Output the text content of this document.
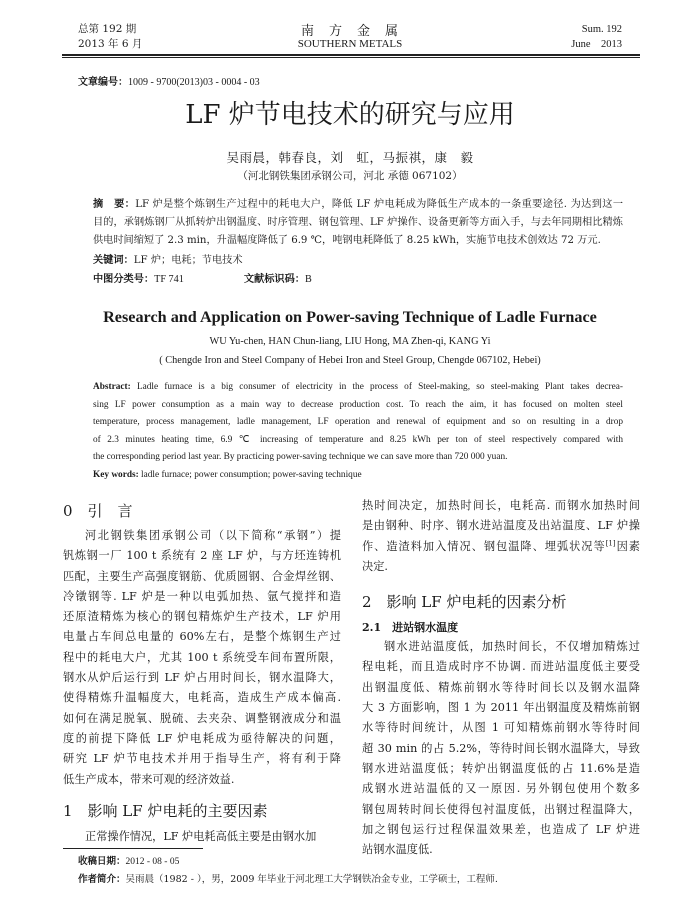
总第 192 期
2013 年 6 月
南　方　金　属
SOUTHERN METALS
Sum. 192
June　2013
文章编号：1009 - 9700(2013)03 - 0004 - 03
LF 炉节电技术的研究与应用
吴雨晨，韩春良，刘　虹，马振祺，康　毅
（河北钢铁集团承钢公司，河北 承德 067102）
摘　要：LF 炉是整个炼钢生产过程中的耗电大户，降低 LF 炉电耗成为降低生产成本的一条重要途径. 为达到这一
目的，承钢炼钢厂从抓转炉出钢温度、时序管理、钢包管理、LF 炉操作、设备更新等方面入手，与去年同期相比精炼
供电时间缩短了 2.3 min，升温幅度降低了 6.9 ℃，吨钢电耗降低了 8.25 kWh，实施节电技术创效达 72 万元.
关键词：LF 炉；电耗；节电技术
中图分类号：TF 741	文献标识码：B
Research and Application on Power-saving Technique of Ladle Furnace
WU Yu-chen, HAN Chun-liang, LIU Hong, MA Zhen-qi, KANG Yi
( Chengde Iron and Steel Company of Hebei Iron and Steel Group, Chengde 067102, Hebei)
Abstract: Ladle furnace is a big consumer of electricity in the process of Steel-making, so steel-making Plant takes decrea-
sing LF power consumption as a main way to decrease production cost. To reach the aim, it has focused on molten steel
temperature, process management, ladle management, LF operation and renewal of equipment and so on resulting in a drop
of 2.3 minutes heating time, 6.9 ℃ increasing of temperature and 8.25 kWh per ton of steel respectively compared with
the corresponding period last year. By practicing power-saving technique we can save more than 720 000 yuan.
Key words: ladle furnace; power consumption; power-saving technique
0　引　言
河北钢铁集团承钢公司（以下简称“承钢”）提
钒炼钢一厂 100 t 系统有 2 座 LF 炉，与方坯连铸机
匹配，主要生产高强度钢筋、优质圆钢、合金焊丝钢、
冷镦钢等. LF 炉是一种以电弧加热、氩气搅拌和造
还原渣精炼为核心的钢包精炼炉生产技术，LF 炉用
电量占车间总电量的 60%左右，是整个炼钢生产过
程中的耗电大户，尤其 100 t 系统受车间布置所限，
钢水从炉后运行到 LF 炉占用时间长，钢水温降大，
使得精炼升温幅度大，电耗高，造成生产成本偏高.
如何在满足脱氧、脱硫、去夹杂、调整钢液成分和温
度的前提下降低 LF 炉电耗成为亟待解决的问题，
研究 LF 炉节电技术并用于指导生产，将有利于降
低生产成本，带来可观的经济效益.
1　影响 LF 炉电耗的主要因素
正常操作情况，LF 炉电耗高低主要是由钢水加
热时间决定，加热时间长，电耗高. 而钢水加热时间
是由钢种、时序、钢水进站温度及出站温度、LF 炉操
作、造渣料加入情况、钢包温降、埋弧状况等[1]因素
决定.
2　影响 LF 炉电耗的因素分析
2.1　进站钢水温度
钢水进站温度低，加热时间长，不仅增加精炼过
程电耗，而且造成时序不协调. 而进站温度低主要受
出钢温度低、精炼前钢水等待时间长以及钢水温降
大 3 方面影响，图 1 为 2011 年出钢温度及精炼前钢
水等待时间统计，从图 1 可知精炼前钢水等待时间
超 30 min 的占 5.2%，等待时间长钢水温降大，导致
钢水进站温度低；转炉出钢温度低的占 11.6%是造
成钢水进站温低的又一原因. 另外钢包使用个数多
钢包周转时间长使得包衬温度低，出钢过程温降大，
加之钢包运行过程保温效果差，也造成了 LF 炉进
站钢水温度低.
收稿日期：2012 - 08 - 05
作者简介：吴雨晨（1982 - ），男，2009 年毕业于河北理工大学钢铁冶金专业，工学硕士，工程师.
